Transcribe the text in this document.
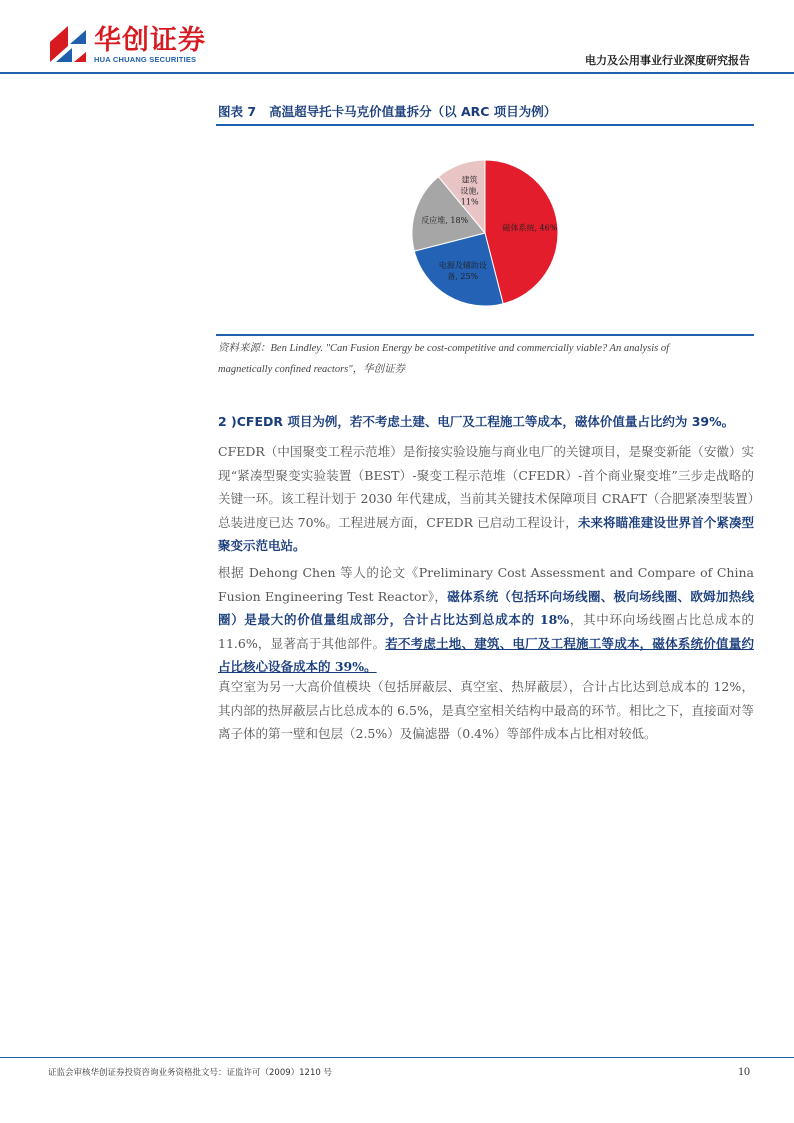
华创证券
HUA CHUANG SECURITIES	电力及公用事业行业深度研究报告
图表 7 高温超导托卡马克价值量拆分（以 ARC 项目为例）
磁体系统, 46%
电源及辅助设备, 25%
反应堆, 18%
建筑设施, 11%
资料来源：Ben Lindley. "Can Fusion Energy be cost-competitive and commercially viable? An analysis of
magnetically confined reactors"，华创证券
2 )CFEDR 项目为例，若不考虑土建、电厂及工程施工等成本，磁体价值量占比约为 39%。
CFEDR（中国聚变工程示范堆）是衔接实验设施与商业电厂的关键项目，是聚变新能（安徽）实现“紧凑型聚变实验装置（BEST）-聚变工程示范堆（CFEDR）-首个商业聚变堆”三步走战略的关键一环。该工程计划于 2030 年代建成，当前其关键技术保障项目 CRAFT（合肥紧凑型装置）总装进度已达 70%。工程进展方面，CFEDR 已启动工程设计，未来将瞄准建设世界首个紧凑型聚变示范电站。
根据 Dehong Chen 等人的论文《Preliminary Cost Assessment and Compare of China Fusion Engineering Test Reactor》，磁体系统（包括环向场线圈、极向场线圈、欧姆加热线圈）是最大的价值量组成部分，合计占比达到总成本的 18%，其中环向场线圈占比总成本的 11.6%，显著高于其他部件。若不考虑土地、建筑、电厂及工程施工等成本，磁体系统价值量约占比核心设备成本的 39%。
真空室为另一大高价值模块（包括屏蔽层、真空室、热屏蔽层），合计占比达到总成本的 12%，其内部的热屏蔽层占比总成本的 6.5%，是真空室相关结构中最高的环节。相比之下，直接面对等离子体的第一壁和包层（2.5%）及偏滤器（0.4%）等部件成本占比相对较低。
证监会审核华创证券投资咨询业务资格批文号：证监许可（2009）1210 号	10
